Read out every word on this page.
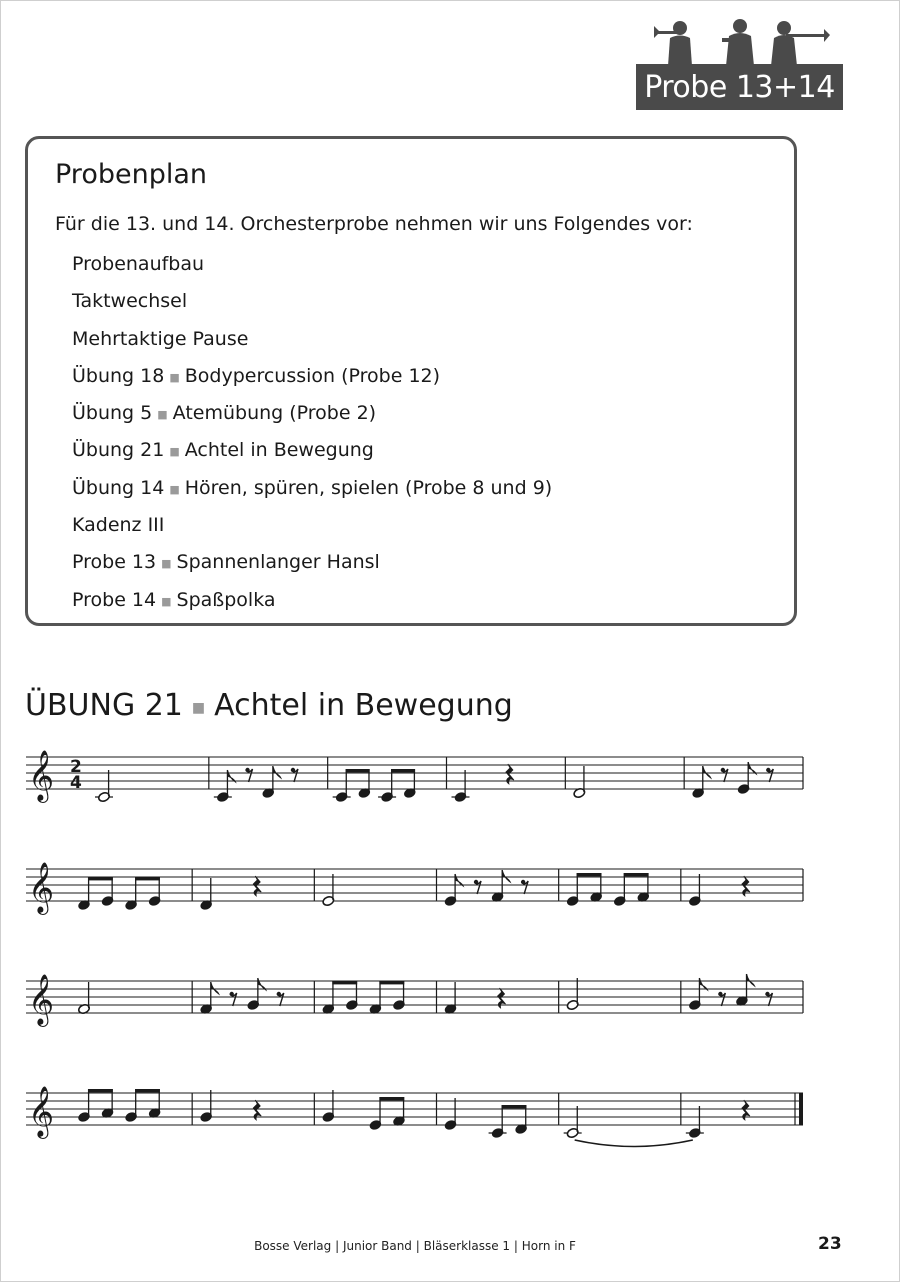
Probe 13+14
Probenplan
Für die 13. und 14. Orchesterprobe nehmen wir uns Folgendes vor:
Probenaufbau
Taktwechsel
Mehrtaktige Pause
Übung 18 ■ Bodypercussion (Probe 12)
Übung 5 ■ Atemübung (Probe 2)
Übung 21 ■ Achtel in Bewegung
Übung 14 ■ Hören, spüren, spielen (Probe 8 und 9)
Kadenz III
Probe 13 ■ Spannenlanger Hansl
Probe 14 ■ Spaßpolka
ÜBUNG 21 ■ Achtel in Bewegung
𝄞 2
4
𝄞
𝄞
𝄞
Bosse Verlag | Junior Band | Bläserklasse 1 | Horn in F	23
